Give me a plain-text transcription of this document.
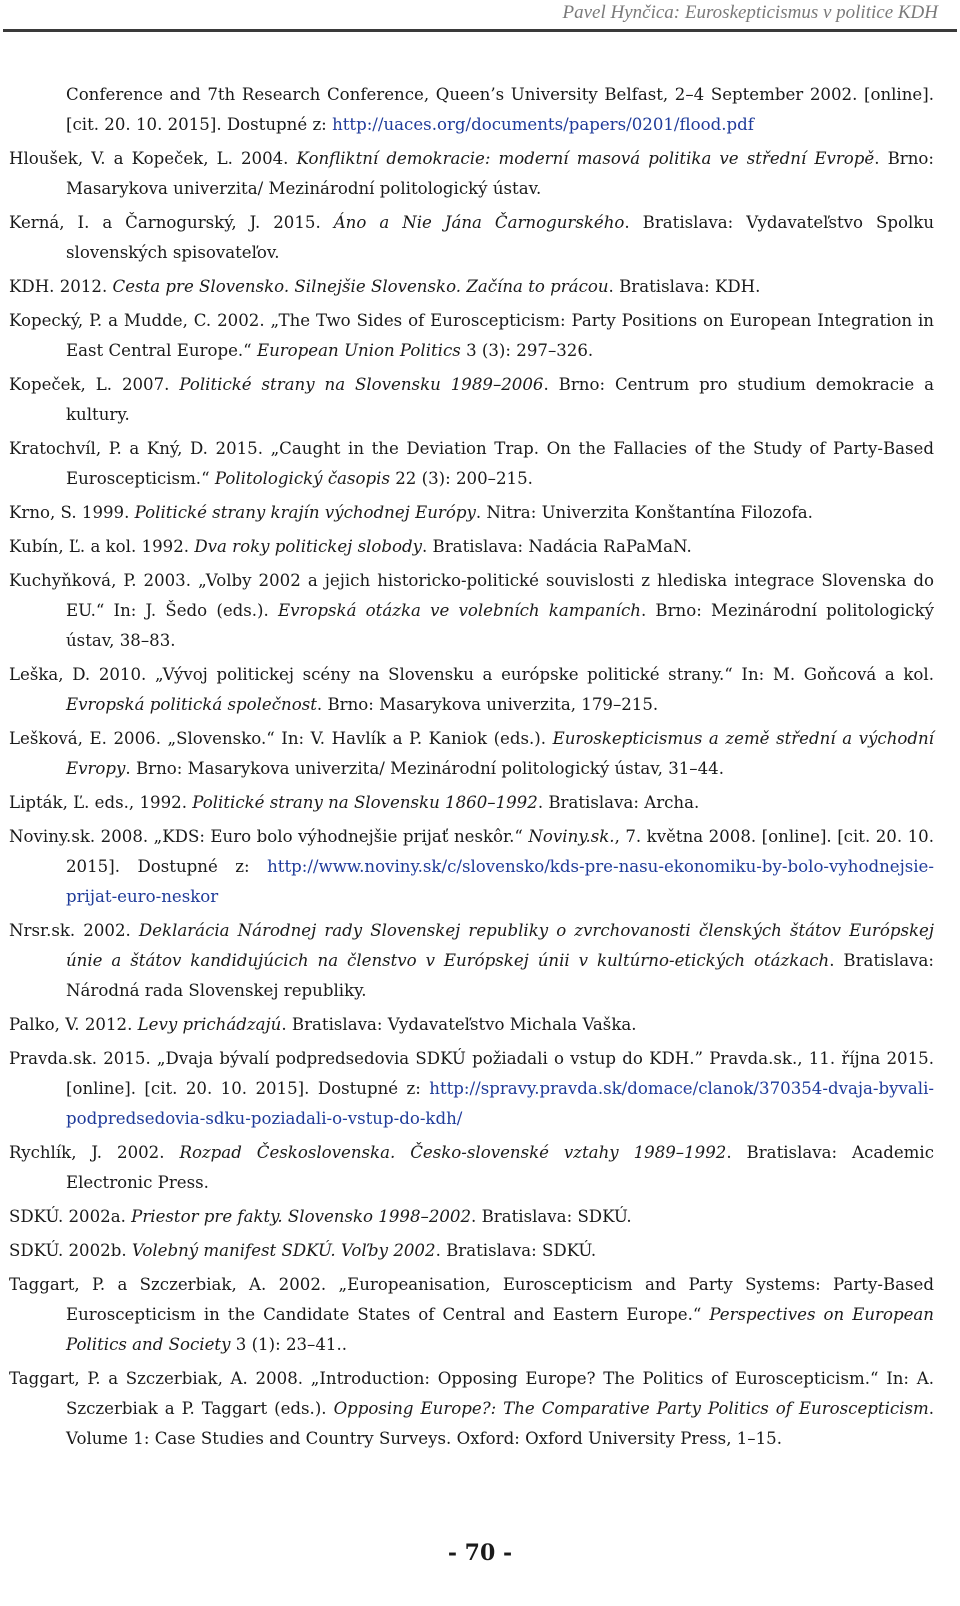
Pavel Hynčica: Euroskepticismus v politice KDH
Conference and 7th Research Conference, Queen’s University Belfast, 2–4 September 2002. [online]. [cit. 20. 10. 2015]. Dostupné z: http://uaces.org/documents/papers/0201/flood.pdf
Hloušek, V. a Kopeček, L. 2004. Konfliktní demokracie: moderní masová politika ve střední Evropě. Brno: Masarykova univerzita/ Mezinárodní politologický ústav.
Kerná, I. a Čarnogurský, J. 2015. Áno a Nie Jána Čarnogurského. Bratislava: Vydavateľstvo Spolku slovenských spisovateľov.
KDH. 2012. Cesta pre Slovensko. Silnejšie Slovensko. Začína to prácou. Bratislava: KDH.
Kopecký, P. a Mudde, C. 2002. „The Two Sides of Euroscepticism: Party Positions on European Integration in East Central Europe.“ European Union Politics 3 (3): 297–326.
Kopeček, L. 2007. Politické strany na Slovensku 1989–2006. Brno: Centrum pro studium demokracie a kultury.
Kratochvíl, P. a Kný, D. 2015. „Caught in the Deviation Trap. On the Fallacies of the Study of Party-Based Euroscepticism.“ Politologický časopis 22 (3): 200–215.
Krno, S. 1999. Politické strany krajín východnej Európy. Nitra: Univerzita Konštantína Filozofa.
Kubín, Ľ. a kol. 1992. Dva roky politickej slobody. Bratislava: Nadácia RaPaMaN.
Kuchyňková, P. 2003. „Volby 2002 a jejich historicko-politické souvislosti z hlediska integrace Slovenska do EU.“ In: J. Šedo (eds.). Evropská otázka ve volebních kampaních. Brno: Mezinárodní politologický ústav, 38–83.
Leška, D. 2010. „Vývoj politickej scény na Slovensku a európske politické strany.“ In: M. Goňcová a kol. Evropská politická společnost. Brno: Masarykova univerzita, 179–215.
Lešková, E. 2006. „Slovensko.“ In: V. Havlík a P. Kaniok (eds.). Euroskepticismus a země střední a východní Evropy. Brno: Masarykova univerzita/ Mezinárodní politologický ústav, 31–44.
Lipták, Ľ. eds., 1992. Politické strany na Slovensku 1860–1992. Bratislava: Archa.
Noviny.sk. 2008. „KDS: Euro bolo výhodnejšie prijať neskôr.“ Noviny.sk., 7. května 2008. [online]. [cit. 20. 10. 2015]. Dostupné z: http://www.noviny.sk/c/slovensko/kds-pre-nasu-ekonomiku-by-bolo-vyhodnejsie-prijat-euro-neskor
Nrsr.sk. 2002. Deklarácia Národnej rady Slovenskej republiky o zvrchovanosti členských štátov Európskej únie a štátov kandidujúcich na členstvo v Európskej únii v kultúrno-etických otázkach. Bratislava: Národná rada Slovenskej republiky.
Palko, V. 2012. Levy prichádzajú. Bratislava: Vydavateľstvo Michala Vaška.
Pravda.sk. 2015. „Dvaja bývalí podpredsedovia SDKÚ požiadali o vstup do KDH.” Pravda.sk., 11. října 2015. [online]. [cit. 20. 10. 2015]. Dostupné z: http://spravy.pravda.sk/domace/clanok/370354-dvaja-byvali-podpredsedovia-sdku-poziadali-o-vstup-do-kdh/
Rychlík, J. 2002. Rozpad Československa. Česko-slovenské vztahy 1989–1992. Bratislava: Academic Electronic Press.
SDKÚ. 2002a. Priestor pre fakty. Slovensko 1998–2002. Bratislava: SDKÚ.
SDKÚ. 2002b. Volebný manifest SDKÚ. Voľby 2002. Bratislava: SDKÚ.
Taggart, P. a Szczerbiak, A. 2002. „Europeanisation, Euroscepticism and Party Systems: Party-Based Euroscepticism in the Candidate States of Central and Eastern Europe.“ Perspectives on European Politics and Society 3 (1): 23–41..
Taggart, P. a Szczerbiak, A. 2008. „Introduction: Opposing Europe? The Politics of Euroscepticism.“ In: A. Szczerbiak a P. Taggart (eds.). Opposing Europe?: The Comparative Party Politics of Euroscepticism. Volume 1: Case Studies and Country Surveys. Oxford: Oxford University Press, 1–15.
- 70 -
